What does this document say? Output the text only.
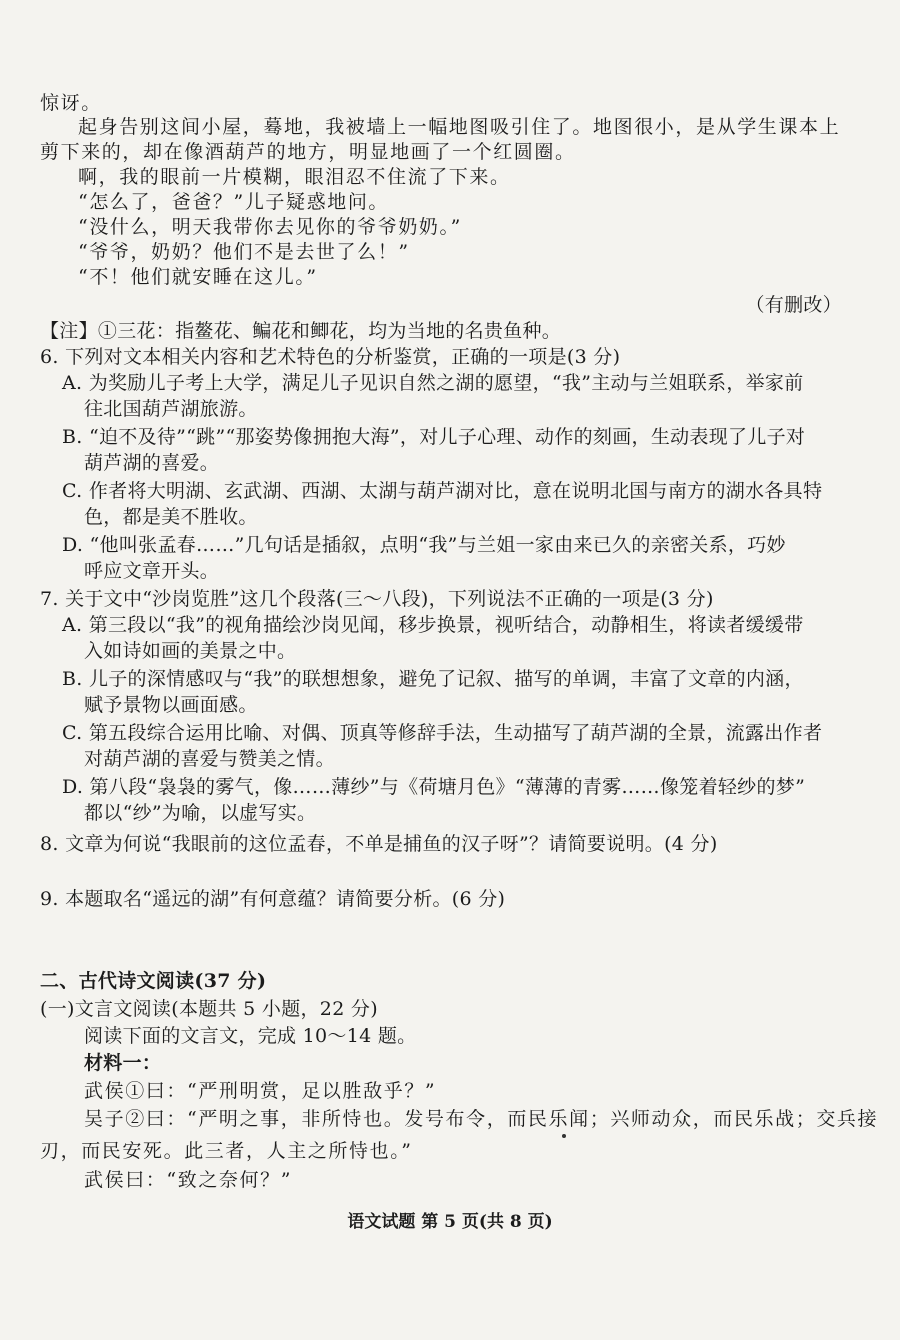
惊讶。
起身告别这间小屋，蓦地，我被墙上一幅地图吸引住了。地图很小，是从学生课本上
剪下来的，却在像酒葫芦的地方，明显地画了一个红圆圈。
啊，我的眼前一片模糊，眼泪忍不住流了下来。
“怎么了，爸爸？”儿子疑惑地问。
“没什么，明天我带你去见你的爷爷奶奶。”
“爷爷，奶奶？他们不是去世了么！”
“不！他们就安睡在这儿。”
（有删改）
【注】①三花：指鳌花、鳊花和鲫花，均为当地的名贵鱼种。
6. 下列对文本相关内容和艺术特色的分析鉴赏，正确的一项是(3 分)
A. 为奖励儿子考上大学，满足儿子见识自然之湖的愿望，“我”主动与兰姐联系，举家前
往北国葫芦湖旅游。
B. “迫不及待”“跳”“那姿势像拥抱大海”，对儿子心理、动作的刻画，生动表现了儿子对
葫芦湖的喜爱。
C. 作者将大明湖、玄武湖、西湖、太湖与葫芦湖对比，意在说明北国与南方的湖水各具特
色，都是美不胜收。
D. “他叫张孟春……”几句话是插叙，点明“我”与兰姐一家由来已久的亲密关系，巧妙
呼应文章开头。
7. 关于文中“沙岗览胜”这几个段落(三～八段)，下列说法不正确的一项是(3 分)
A. 第三段以“我”的视角描绘沙岗见闻，移步换景，视听结合，动静相生，将读者缓缓带
入如诗如画的美景之中。
B. 儿子的深情感叹与“我”的联想想象，避免了记叙、描写的单调，丰富了文章的内涵，
赋予景物以画面感。
C. 第五段综合运用比喻、对偶、顶真等修辞手法，生动描写了葫芦湖的全景，流露出作者
对葫芦湖的喜爱与赞美之情。
D. 第八段“袅袅的雾气，像……薄纱”与《荷塘月色》“薄薄的青雾……像笼着轻纱的梦”
都以“纱”为喻，以虚写实。
8. 文章为何说“我眼前的这位孟春，不单是捕鱼的汉子呀”？请简要说明。(4 分)
9. 本题取名“遥远的湖”有何意蕴？请简要分析。(6 分)
二、古代诗文阅读(37 分)
(一)文言文阅读(本题共 5 小题，22 分)
阅读下面的文言文，完成 10～14 题。
材料一：
武侯①曰：“严刑明赏，足以胜敌乎？”
吴子②曰：“严明之事，非所恃也。发号布令，而民乐闻；兴师动众，而民乐战；交兵接
刃，而民安死。此三者，人主之所恃也。”
武侯曰：“致之奈何？”
语文试题 第 5 页(共 8 页)
